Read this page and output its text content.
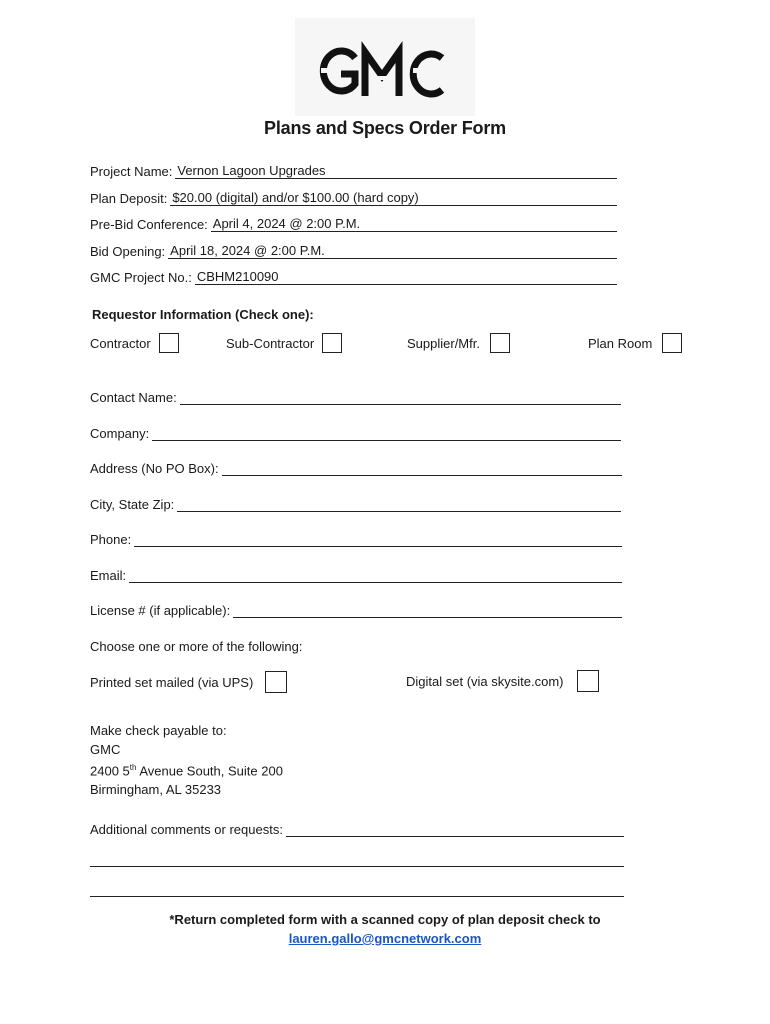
Plans and Specs Order Form
Project Name: Vernon Lagoon Upgrades
Plan Deposit: $20.00 (digital) and/or $100.00 (hard copy)
Pre-Bid Conference: April 4, 2024 @ 2:00 P.M.
Bid Opening: April 18, 2024 @ 2:00 P.M.
GMC Project No.: CBHM210090
Requestor Information (Check one):
Contractor	Sub-Contractor	Supplier/Mfr.	Plan Room
Contact Name:
Company:
Address (No PO Box):
City, State Zip:
Phone:
Email:
License # (if applicable):
Choose one or more of the following:
Printed set mailed (via UPS)	Digital set (via skysite.com)
Make check payable to:
GMC
2400 5th Avenue South, Suite 200
Birmingham, AL 35233
Additional comments or requests:
*Return completed form with a scanned copy of plan deposit check to
lauren.gallo@gmcnetwork.com
